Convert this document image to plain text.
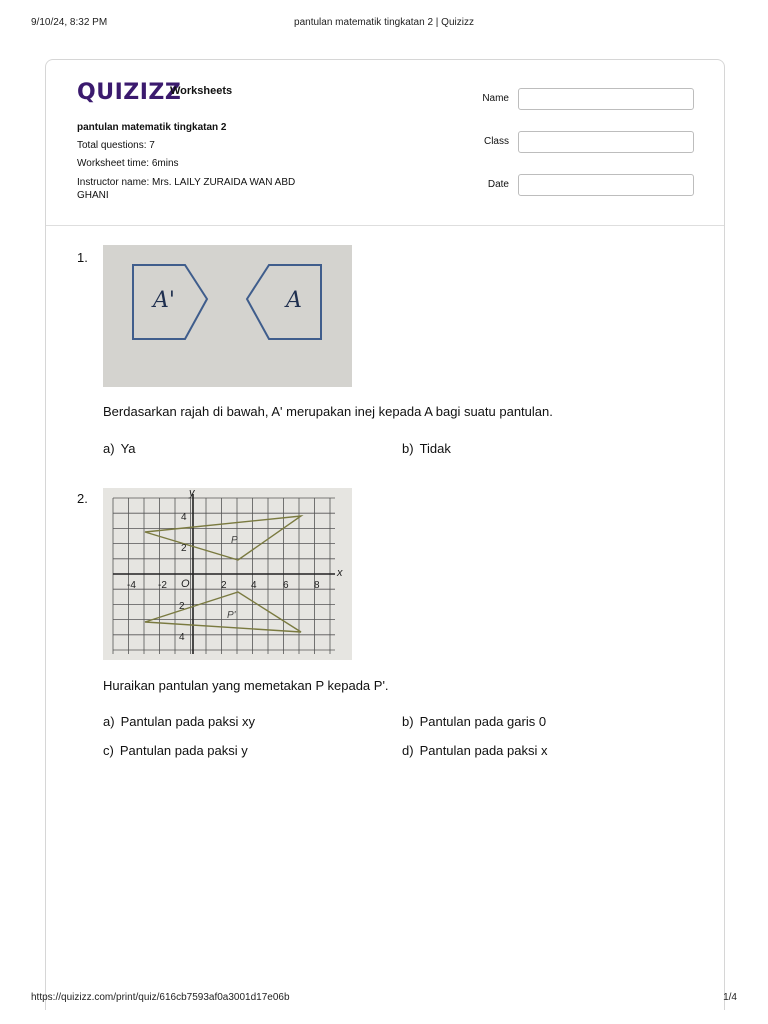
9/10/24, 8:32 PM	pantulan matematik tingkatan 2 | Quizizz
QUIZIZZ
Worksheets
pantulan matematik tingkatan 2
Total questions: 7
Worksheet time: 6mins
Instructor name: Mrs. LAILY ZURAIDA WAN ABD GHANI
Name
Class
Date
1.
A'	A
Berdasarkan rajah di bawah, A' merupakan inej kepada A bagi suatu pantulan.
a) Ya	b) Tidak
2.
x
y
O
P
P'
-4 -2	2 4	6	8
4
2
2
4
Huraikan pantulan yang memetakan P kepada P'.
a) Pantulan pada paksi xy	b) Pantulan pada garis 0
c) Pantulan pada paksi y	d) Pantulan pada paksi x
https://quizizz.com/print/quiz/616cb7593af0a3001d17e06b	1/4
